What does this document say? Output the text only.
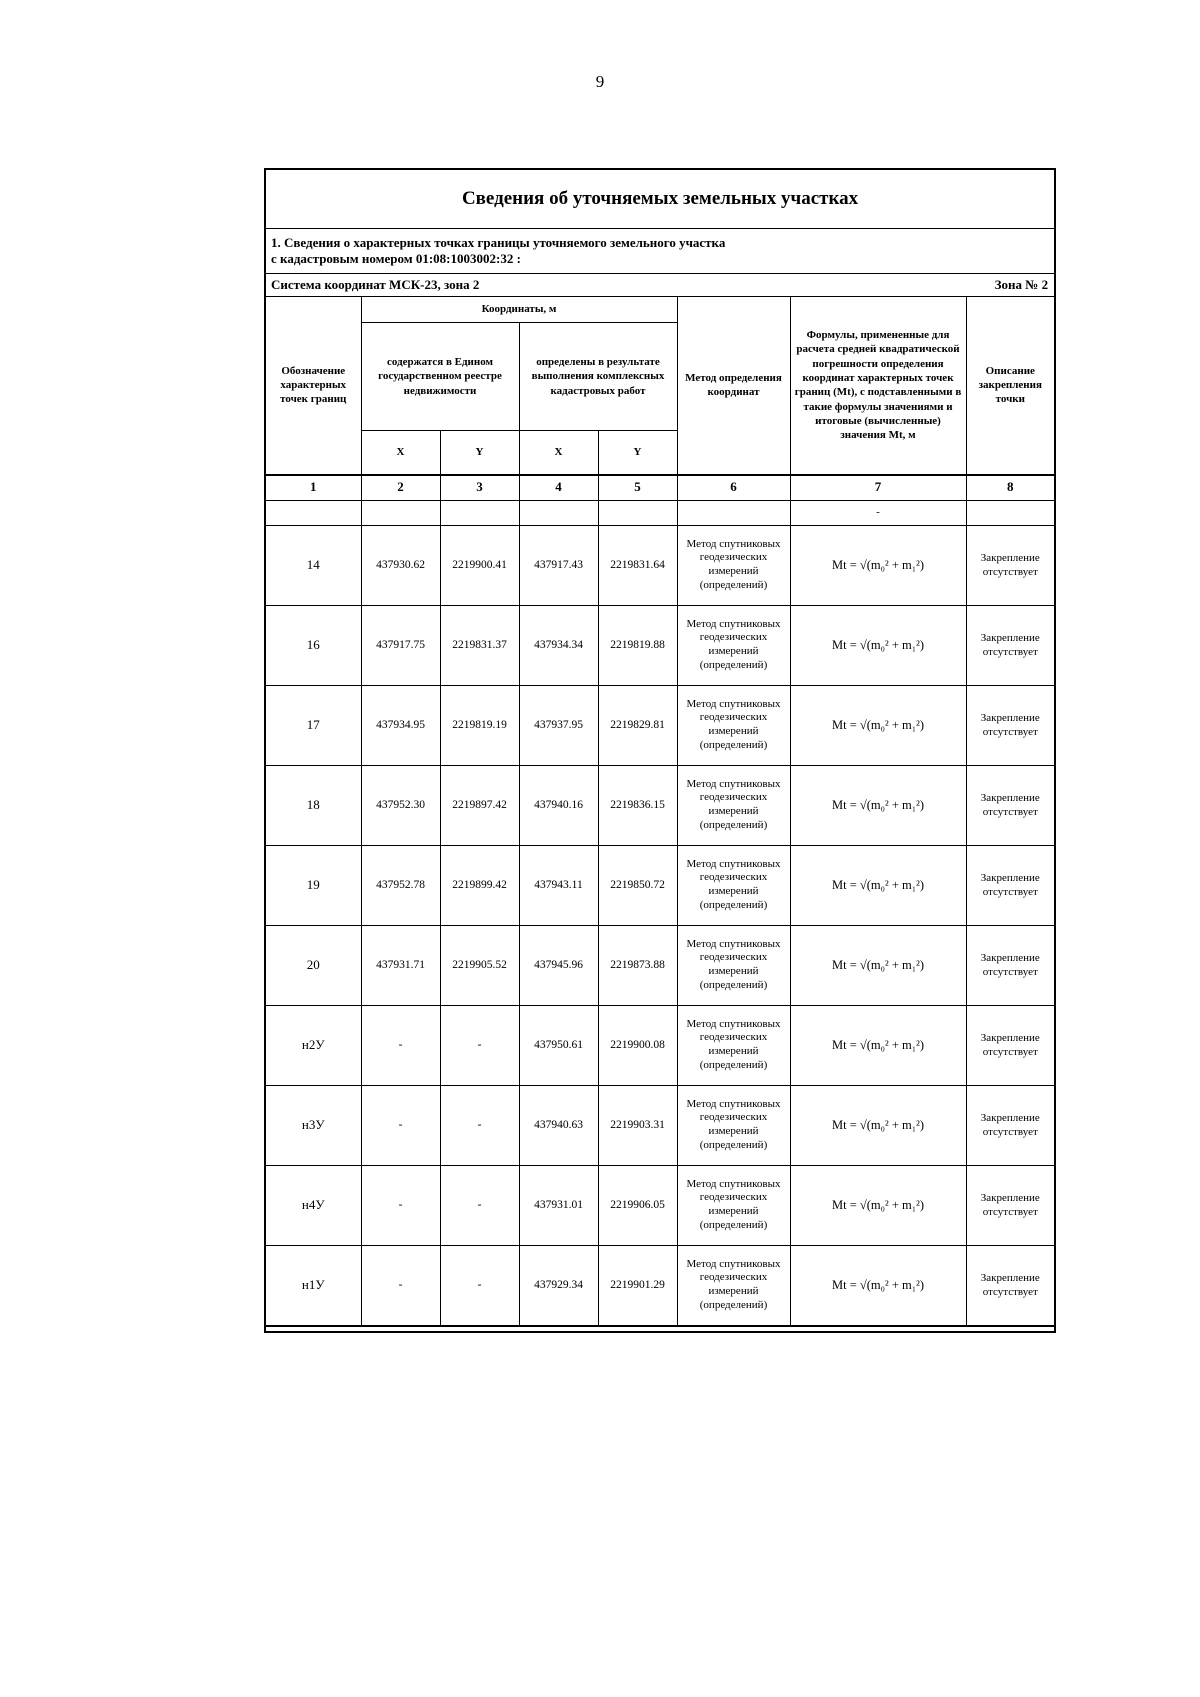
9
Сведения об уточняемых земельных участках							

1. Сведения о характерных точках границы уточняемого земельного участка
с кадастровым номером 01:08:1003002:32 :							

Система координат МСК-23, зона 2						Зона № 2	
Обозначение характерных точек границ	Координаты, м				Метод определения координат	Формулы, примененные для расчета средней квадратической погрешности определения координат характерных точек границ (Mt), с подставленными в такие формулы значениями и итоговые (вычисленные) значения Mt, м	Описание закрепления точки
	содержатся в Едином государственном реестре недвижимости		определены в результате выполнения комплексных кадастровых работ				
	X	Y	X	Y			
1	2	3	4	5	6	7	8
						-	
14	437930.62	2219900.41	437917.43	2219831.64	Метод спутниковых геодезических измерений (определений)	Mt = √(m₀² + m₁²)	Закрепление отсутствует
16	437917.75	2219831.37	437934.34	2219819.88	Метод спутниковых геодезических измерений (определений)	Mt = √(m₀² + m₁²)	Закрепление отсутствует
17	437934.95	2219819.19	437937.95	2219829.81	Метод спутниковых геодезических измерений (определений)	Mt = √(m₀² + m₁²)	Закрепление отсутствует
18	437952.30	2219897.42	437940.16	2219836.15	Метод спутниковых геодезических измерений (определений)	Mt = √(m₀² + m₁²)	Закрепление отсутствует
19	437952.78	2219899.42	437943.11	2219850.72	Метод спутниковых геодезических измерений (определений)	Mt = √(m₀² + m₁²)	Закрепление отсутствует
20	437931.71	2219905.52	437945.96	2219873.88	Метод спутниковых геодезических измерений (определений)	Mt = √(m₀² + m₁²)	Закрепление отсутствует
н2У	-	-	437950.61	2219900.08	Метод спутниковых геодезических измерений (определений)	Mt = √(m₀² + m₁²)	Закрепление отсутствует
н3У	-	-	437940.63	2219903.31	Метод спутниковых геодезических измерений (определений)	Mt = √(m₀² + m₁²)	Закрепление отсутствует
н4У	-	-	437931.01	2219906.05	Метод спутниковых геодезических измерений (определений)	Mt = √(m₀² + m₁²)	Закрепление отсутствует
н1У	-	-	437929.34	2219901.29	Метод спутниковых геодезических измерений (определений)	Mt = √(m₀² + m₁²)	Закрепление отсутствует
